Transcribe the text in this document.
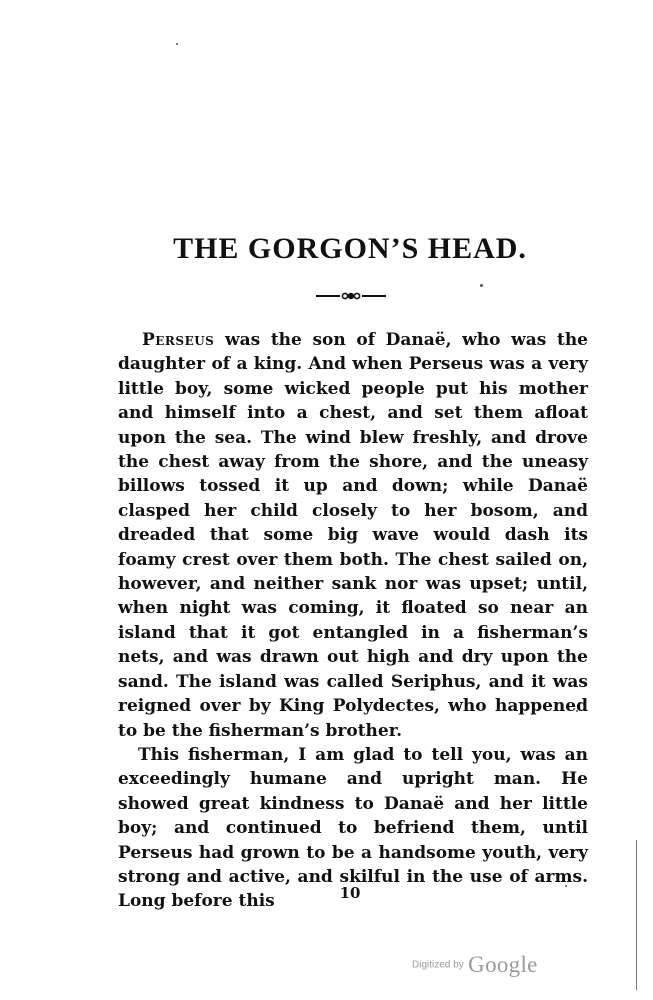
THE GORGON’S HEAD.

Perseus was the son of Danaë, who was the daughter of a king. And when Perseus was a very little boy, some wicked people put his mother and himself into a chest, and set them afloat upon the sea. The wind blew freshly, and drove the chest away from the shore, and the uneasy billows tossed it up and down; while Danaë clasped her child closely to her bosom, and dreaded that some big wave would dash its foamy crest over them both. The chest sailed on, however, and neither sank nor was upset; until, when night was coming, it floated so near an island that it got entangled in a fisherman’s nets, and was drawn out high and dry upon the sand. The island was called Seriphus, and it was reigned over by King Polydectes, who happened to be the fisherman’s brother.

This fisherman, I am glad to tell you, was an exceedingly humane and upright man. He showed great kindness to Danaë and her little boy; and continued to befriend them, until Perseus had grown to be a handsome youth, very strong and active, and skilful in the use of arms. Long before this	10
Digitized by Google
